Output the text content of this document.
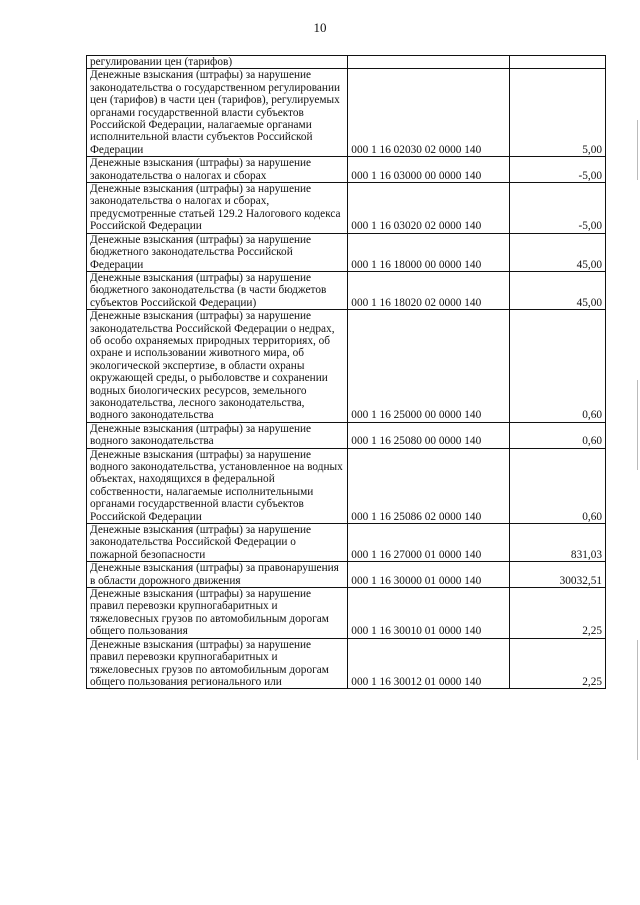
10
регулировании цен (тарифов)		
Денежные взыскания (штрафы) за нарушение законодательства о государственном регулировании цен (тарифов) в части цен (тарифов), регулируемых органами государственной власти субъектов Российской Федерации, налагаемые органами исполнительной власти субъектов Российской Федерации	000 1 16 02030 02 0000 140	5,00
Денежные взыскания (штрафы) за нарушение законодательства о налогах и сборах	000 1 16 03000 00 0000 140	-5,00
Денежные взыскания (штрафы) за нарушение законодательства о налогах и сборах, предусмотренные статьей 129.2 Налогового кодекса Российской Федерации	000 1 16 03020 02 0000 140	-5,00
Денежные взыскания (штрафы) за нарушение бюджетного законодательства Российской Федерации	000 1 16 18000 00 0000 140	45,00
Денежные взыскания (штрафы) за нарушение бюджетного законодательства (в части бюджетов субъектов Российской Федерации)	000 1 16 18020 02 0000 140	45,00
Денежные взыскания (штрафы) за нарушение законодательства Российской Федерации о недрах, об особо охраняемых природных территориях, об охране и использовании животного мира, об экологической экспертизе, в области охраны окружающей среды, о рыболовстве и сохранении водных биологических ресурсов, земельного законодательства, лесного законодательства, водного законодательства	000 1 16 25000 00 0000 140	0,60
Денежные взыскания (штрафы) за нарушение водного законодательства	000 1 16 25080 00 0000 140	0,60
Денежные взыскания (штрафы) за нарушение водного законодательства, установленное на водных объектах, находящихся в федеральной собственности, налагаемые исполнительными органами государственной власти субъектов Российской Федерации	000 1 16 25086 02 0000 140	0,60
Денежные взыскания (штрафы) за нарушение законодательства Российской Федерации о пожарной безопасности	000 1 16 27000 01 0000 140	831,03
Денежные взыскания (штрафы) за правонарушения в области дорожного движения	000 1 16 30000 01 0000 140	30032,51
Денежные взыскания (штрафы) за нарушение правил перевозки крупногабаритных и тяжеловесных грузов по автомобильным дорогам общего пользования	000 1 16 30010 01 0000 140	2,25
Денежные взыскания (штрафы) за нарушение правил перевозки крупногабаритных и тяжеловесных грузов по автомобильным дорогам общего пользования регионального или	000 1 16 30012 01 0000 140	2,25
